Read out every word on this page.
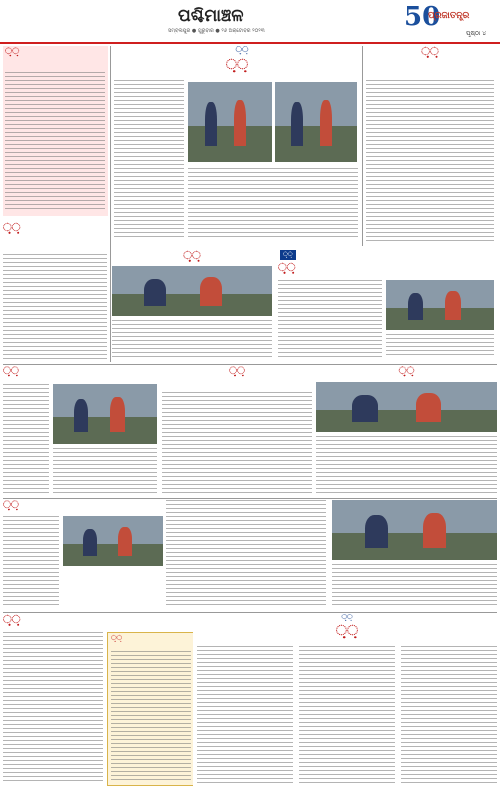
ପଶ୍ଚିମାଞ୍ଚଳ
ସମ୍ବଲପୁର ● ଗୁରୁବାର ● ୨୬ ଅକ୍ଟୋବର ୨୦୨୩	50
ପ୍ରଜାତନ୍ତ୍ର
ପୃଷ୍ଠା ୪
଼଼଼
଼଼଼
଼଼଼
଼଼଼
଼଼଼
଼଼଼	଼଼଼
଼଼଼
଼଼଼	଼଼଼	଼଼଼
଼଼଼
଼଼଼
଼଼଼
଼଼଼
଼଼଼
